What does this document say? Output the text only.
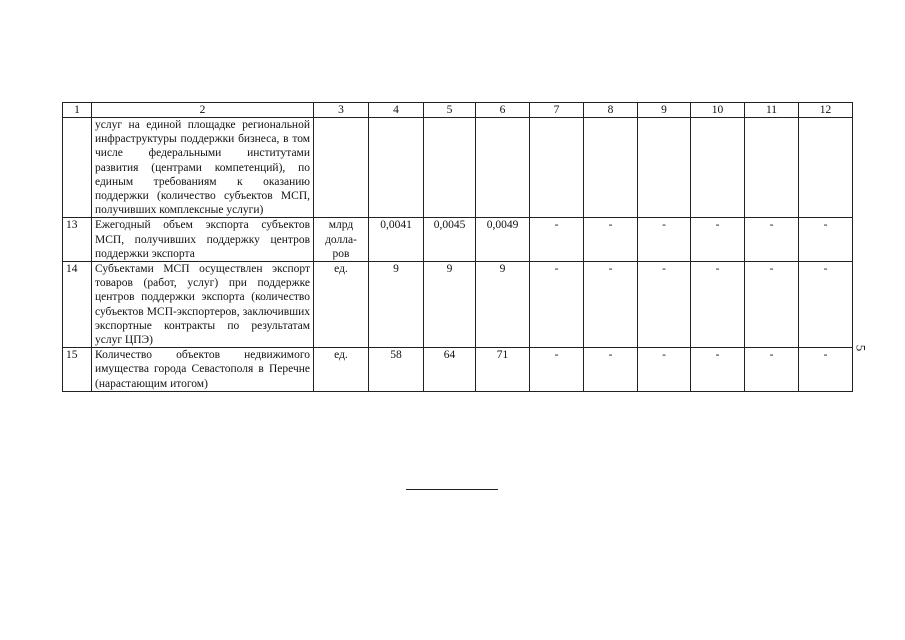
1	2	3	4	5	6	7	8	9	10	11	12
	услуг на единой площадке региональной инфраструктуры поддержки бизнеса, в том числе федеральными институтами развития (центрами компетенций), по единым требованиям к оказанию поддержки (количество субъектов МСП, получивших комплексные услуги)										
13	Ежегодный объем экспорта субъектов МСП, получивших поддержку центров поддержки экспорта	млрд долла-ров	0,0041	0,0045	0,0049	-	-	-	-	-	-
14	Субъектами МСП осуществлен экспорт товаров (работ, услуг) при поддержке центров поддержки экспорта (количество субъектов МСП-экспортеров, заключивших экспортные контракты по результатам услуг ЦПЭ)	ед.	9	9	9	-	-	-	-	-	-
15	Количество объектов недвижимого имущества города Севастополя в Перечне (нарастающим итогом)	ед.	58	64	71	-	-	-	-	-	-
5
